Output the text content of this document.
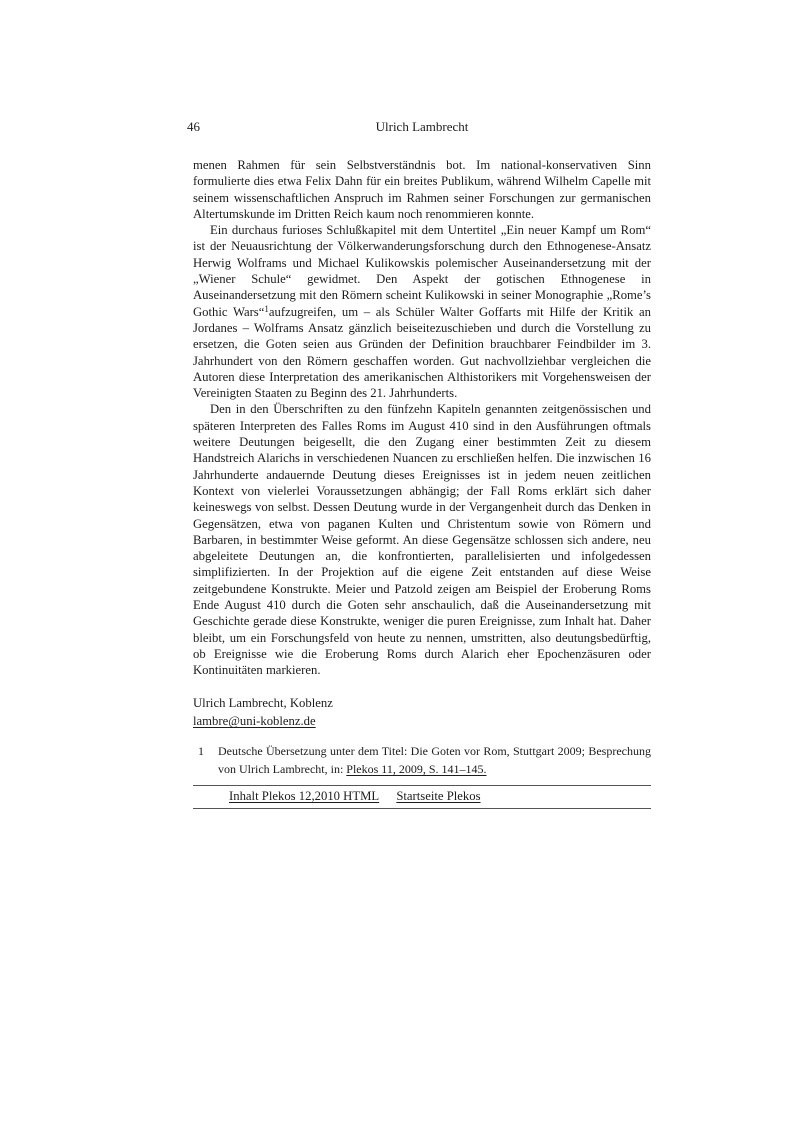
46	Ulrich Lambrecht

menen Rahmen für sein Selbstverständnis bot. Im national-konservativen Sinn formulierte dies etwa Felix Dahn für ein breites Publikum, während Wilhelm Capelle mit seinem wissenschaftlichen Anspruch im Rahmen seiner Forschungen zur germanischen Altertumskunde im Dritten Reich kaum noch renommieren konnte.

Ein durchaus furioses Schlußkapitel mit dem Untertitel „Ein neuer Kampf um Rom“ ist der Neuausrichtung der Völkerwanderungsforschung durch den Ethnogenese-Ansatz Herwig Wolframs und Michael Kulikowskis polemischer Auseinandersetzung mit der „Wiener Schule“ gewidmet. Den Aspekt der gotischen Ethnogenese in Auseinandersetzung mit den Römern scheint Kulikowski in seiner Monographie „Rome’s Gothic Wars“$^1$aufzugreifen, um – als Schüler Walter Goffarts mit Hilfe der Kritik an Jordanes – Wolframs Ansatz gänzlich beiseitezuschieben und durch die Vorstellung zu ersetzen, die Goten seien aus Gründen der Definition brauchbarer Feindbilder im 3. Jahrhundert von den Römern geschaffen worden. Gut nachvollziehbar vergleichen die Autoren diese Interpretation des amerikanischen Althistorikers mit Vorgehensweisen der Vereinigten Staaten zu Beginn des 21. Jahrhunderts.

Den in den Überschriften zu den fünfzehn Kapiteln genannten zeitgenössischen und späteren Interpreten des Falles Roms im August 410 sind in den Ausführungen oftmals weitere Deutungen beigesellt, die den Zugang einer bestimmten Zeit zu diesem Handstreich Alarichs in verschiedenen Nuancen zu erschließen helfen. Die inzwischen 16 Jahrhunderte andauernde Deutung dieses Ereignisses ist in jedem neuen zeitlichen Kontext von vielerlei Voraussetzungen abhängig; der Fall Roms erklärt sich daher keineswegs von selbst. Dessen Deutung wurde in der Vergangenheit durch das Denken in Gegensätzen, etwa von paganen Kulten und Christentum sowie von Römern und Barbaren, in bestimmter Weise geformt. An diese Gegensätze schlossen sich andere, neu abgeleitete Deutungen an, die konfrontierten, parallelisierten und infolgedessen simplifizierten. In der Projektion auf die eigene Zeit entstanden auf diese Weise zeitgebundene Konstrukte. Meier und Patzold zeigen am Beispiel der Eroberung Roms Ende August 410 durch die Goten sehr anschaulich, daß die Auseinandersetzung mit Geschichte gerade diese Konstrukte, weniger die puren Ereignisse, zum Inhalt hat. Daher bleibt, um ein Forschungsfeld von heute zu nennen, umstritten, also deutungsbedürftig, ob Ereignisse wie die Eroberung Roms durch Alarich eher Epochenzäsuren oder Kontinuitäten markieren.

Ulrich Lambrecht, Koblenz
lambre@uni-koblenz.de
1	Deutsche Übersetzung unter dem Titel: Die Goten vor Rom, Stuttgart 2009; Besprechung von Ulrich Lambrecht, in: Plekos 11, 2009, S. 141–145.
Inhalt Plekos 12,2010 HTML Startseite Plekos
